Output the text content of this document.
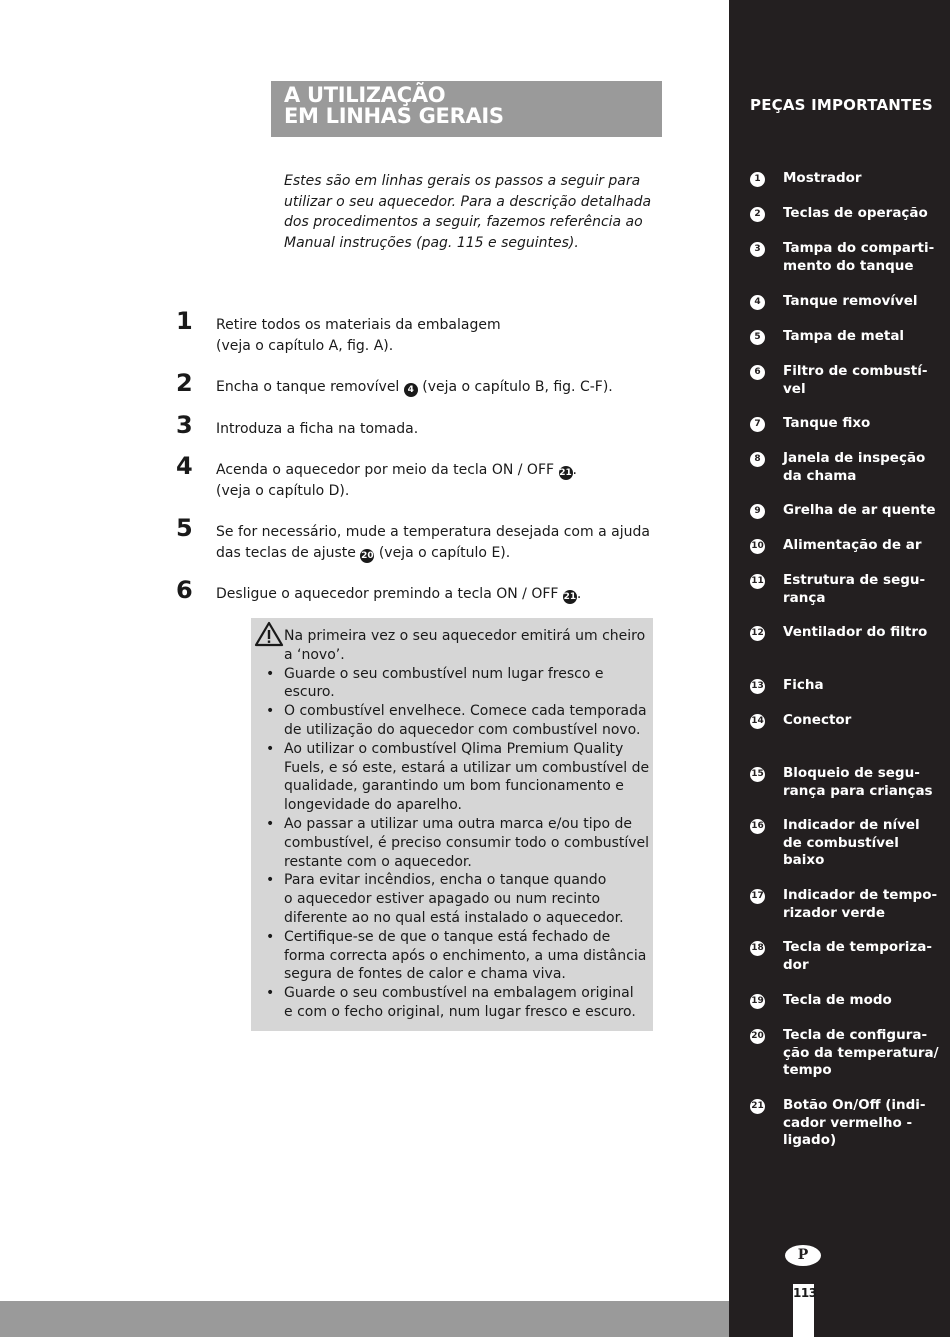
A UTILIZAÇÃO
EM LINHAS GERAIS

Estes são em linhas gerais os passos a seguir para
utilizar o seu aquecedor. Para a descrição detalhada
dos procedimentos a seguir, fazemos referência ao
Manual instruções (pag. 115 e seguintes).

1 Retire todos os materiais da embalagem
(veja o capítulo A, fig. A).
2 Encha o tanque removível 4 (veja o capítulo B, fig. C-F).
3 Introduza a ficha na tomada.
4 Acenda o aquecedor por meio da tecla ON / OFF 21.
(veja o capítulo D).
5 Se for necessário, mude a temperatura desejada com a ajuda
das teclas de ajuste 20 (veja o capítulo E).
6 Desligue o aquecedor premindo a tecla ON / OFF 21.

Na primeira vez o seu aquecedor emitirá um cheiro
a ‘novo’.

• Guarde o seu combustível num lugar fresco e
escuro.
• O combustível envelhece. Comece cada temporada
de utilização do aquecedor com combustível novo.
• Ao utilizar o combustível Qlima Premium Quality
Fuels, e só este, estará a utilizar um combustível de
qualidade, garantindo um bom funcionamento e
longevidade do aparelho.
• Ao passar a utilizar uma outra marca e/ou tipo de
combustível, é preciso consumir todo o combustível
restante com o aquecedor.
• Para evitar incêndios, encha o tanque quando
o aquecedor estiver apagado ou num recinto
diferente ao no qual está instalado o aquecedor.
• Certifique-se de que o tanque está fechado de
forma correcta após o enchimento, a uma distância
segura de fontes de calor e chama viva.
• Guarde o seu combustível na embalagem original
e com o fecho original, num lugar fresco e escuro.
PEÇAS IMPORTANTES
1	Mostrador
2	Teclas de operação
3	Tampa do comparti-
mento do tanque
4	Tanque removível
5	Tampa de metal
6	Filtro de combustí-
vel
7	Tanque fixo
8	Janela de inspeção
da chama
9	Grelha de ar quente
10 Alimentação de ar
11 Estrutura de segu-
rança
12 Ventilador do filtro
13 Ficha
14 Conector
15 Bloqueio de segu-
rança para crianças
16 Indicador de nível
de combustível
baixo
17 Indicador de tempo-
rizador verde
18 Tecla de temporiza-
dor
19 Tecla de modo
20 Tecla de configura-
ção da temperatura/
tempo
21 Botão On/Off (indi-
cador vermelho -
ligado)
P
113
